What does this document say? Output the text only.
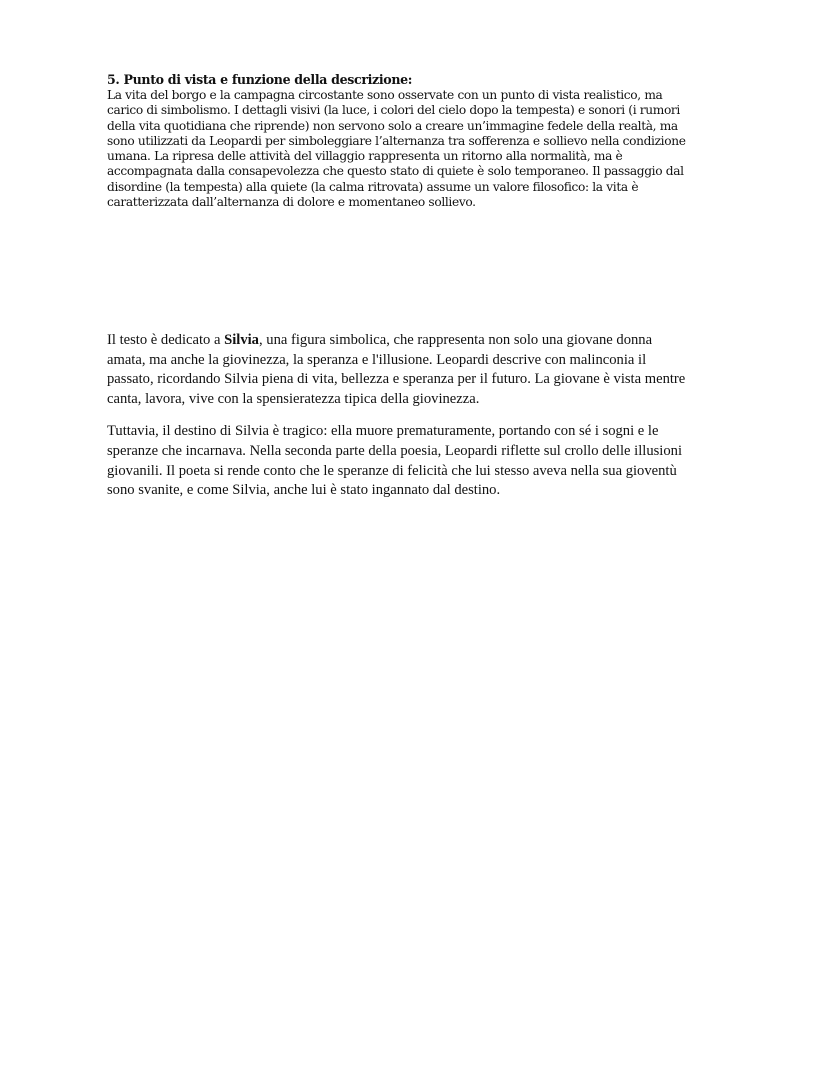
5. Punto di vista e funzione della descrizione:
La vita del borgo e la campagna circostante sono osservate con un punto di vista realistico, ma
carico di simbolismo. I dettagli visivi (la luce, i colori del cielo dopo la tempesta) e sonori (i rumori
della vita quotidiana che riprende) non servono solo a creare un’immagine fedele della realtà, ma
sono utilizzati da Leopardi per simboleggiare l’alternanza tra sofferenza e sollievo nella condizione
umana. La ripresa delle attività del villaggio rappresenta un ritorno alla normalità, ma è
accompagnata dalla consapevolezza che questo stato di quiete è solo temporaneo. Il passaggio dal
disordine (la tempesta) alla quiete (la calma ritrovata) assume un valore filosofico: la vita è
caratterizzata dall’alternanza di dolore e momentaneo sollievo.

Il testo è dedicato a Silvia, una figura simbolica, che rappresenta non solo una giovane donna
amata, ma anche la giovinezza, la speranza e l'illusione. Leopardi descrive con malinconia il
passato, ricordando Silvia piena di vita, bellezza e speranza per il futuro. La giovane è vista mentre
canta, lavora, vive con la spensieratezza tipica della giovinezza.

Tuttavia, il destino di Silvia è tragico: ella muore prematuramente, portando con sé i sogni e le
speranze che incarnava. Nella seconda parte della poesia, Leopardi riflette sul crollo delle illusioni
giovanili. Il poeta si rende conto che le speranze di felicità che lui stesso aveva nella sua gioventù
sono svanite, e come Silvia, anche lui è stato ingannato dal destino.
